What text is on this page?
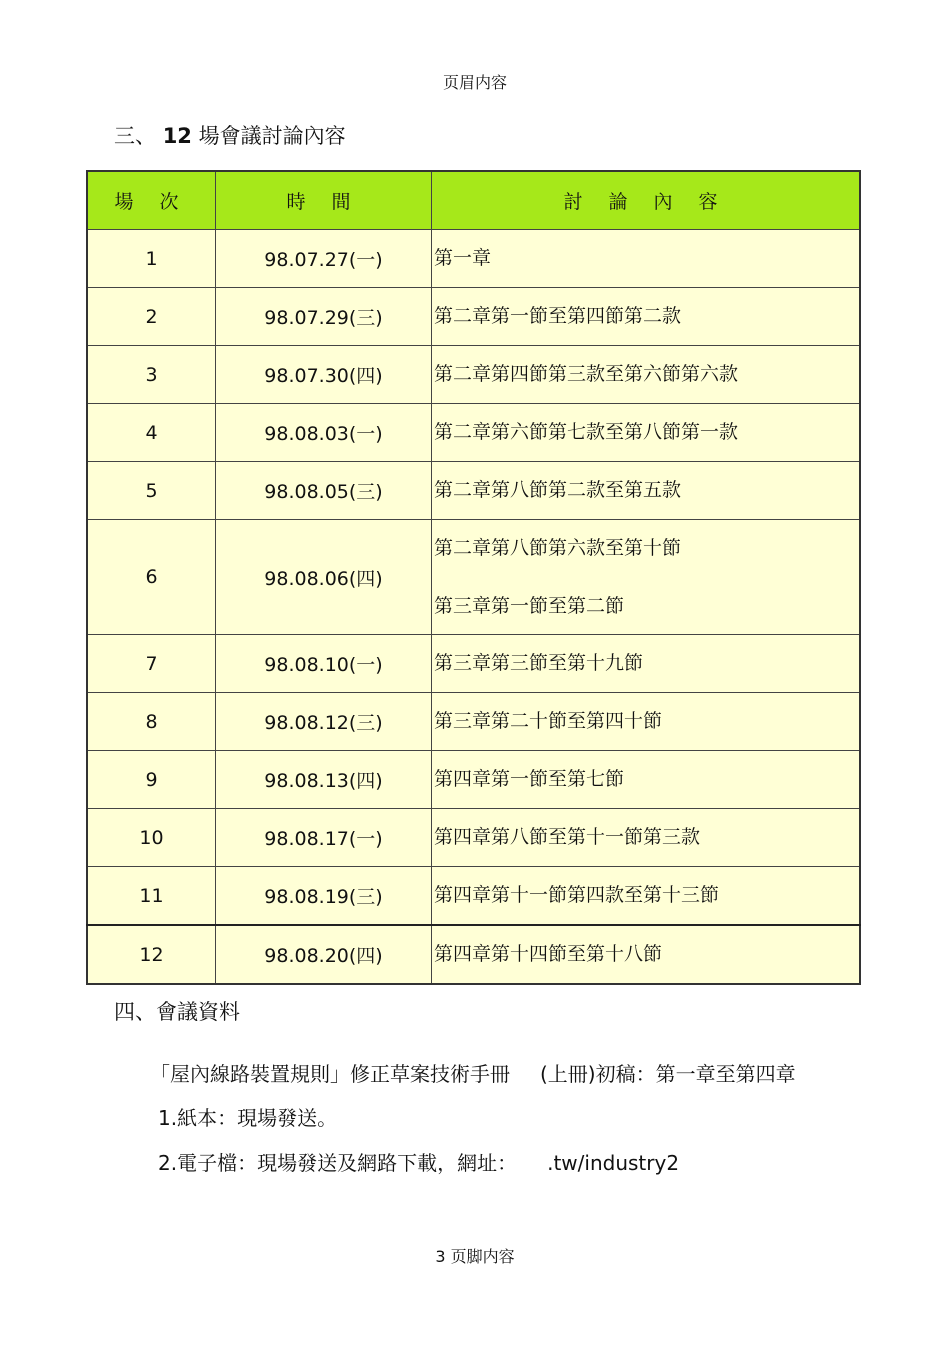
页眉内容
三、 12 場會議討論內容
場 次	時 間	討 論 內 容
1	98.07.27(一)	第一章

2	98.07.29(三)	第二章第一節至第四節第二款

3	98.07.30(四)	第二章第四節第三款至第六節第六款

4	98.08.03(一)	第二章第六節第七款至第八節第一款

5	98.08.05(三)	第二章第八節第二款至第五款

6	98.08.06(四)	第二章第八節第六款至第十節
第三章第一節至第二節

7	98.08.10(一)	第三章第三節至第十九節

8	98.08.12(三)	第三章第二十節至第四十節

9	98.08.13(四)	第四章第一節至第七節

10	98.08.17(一)	第四章第八節至第十一節第三款

11	98.08.19(三)	第四章第十一節第四款至第十三節

12	98.08.20(四)	第四章第十四節至第十八節
四、會議資料
「屋內線路裝置規則」修正草案技術手冊 (上冊)初稿：第一章至第四章
1.紙本：現場發送。
2.電子檔：現場發送及網路下載，網址： .tw/industry2
3 页脚内容
